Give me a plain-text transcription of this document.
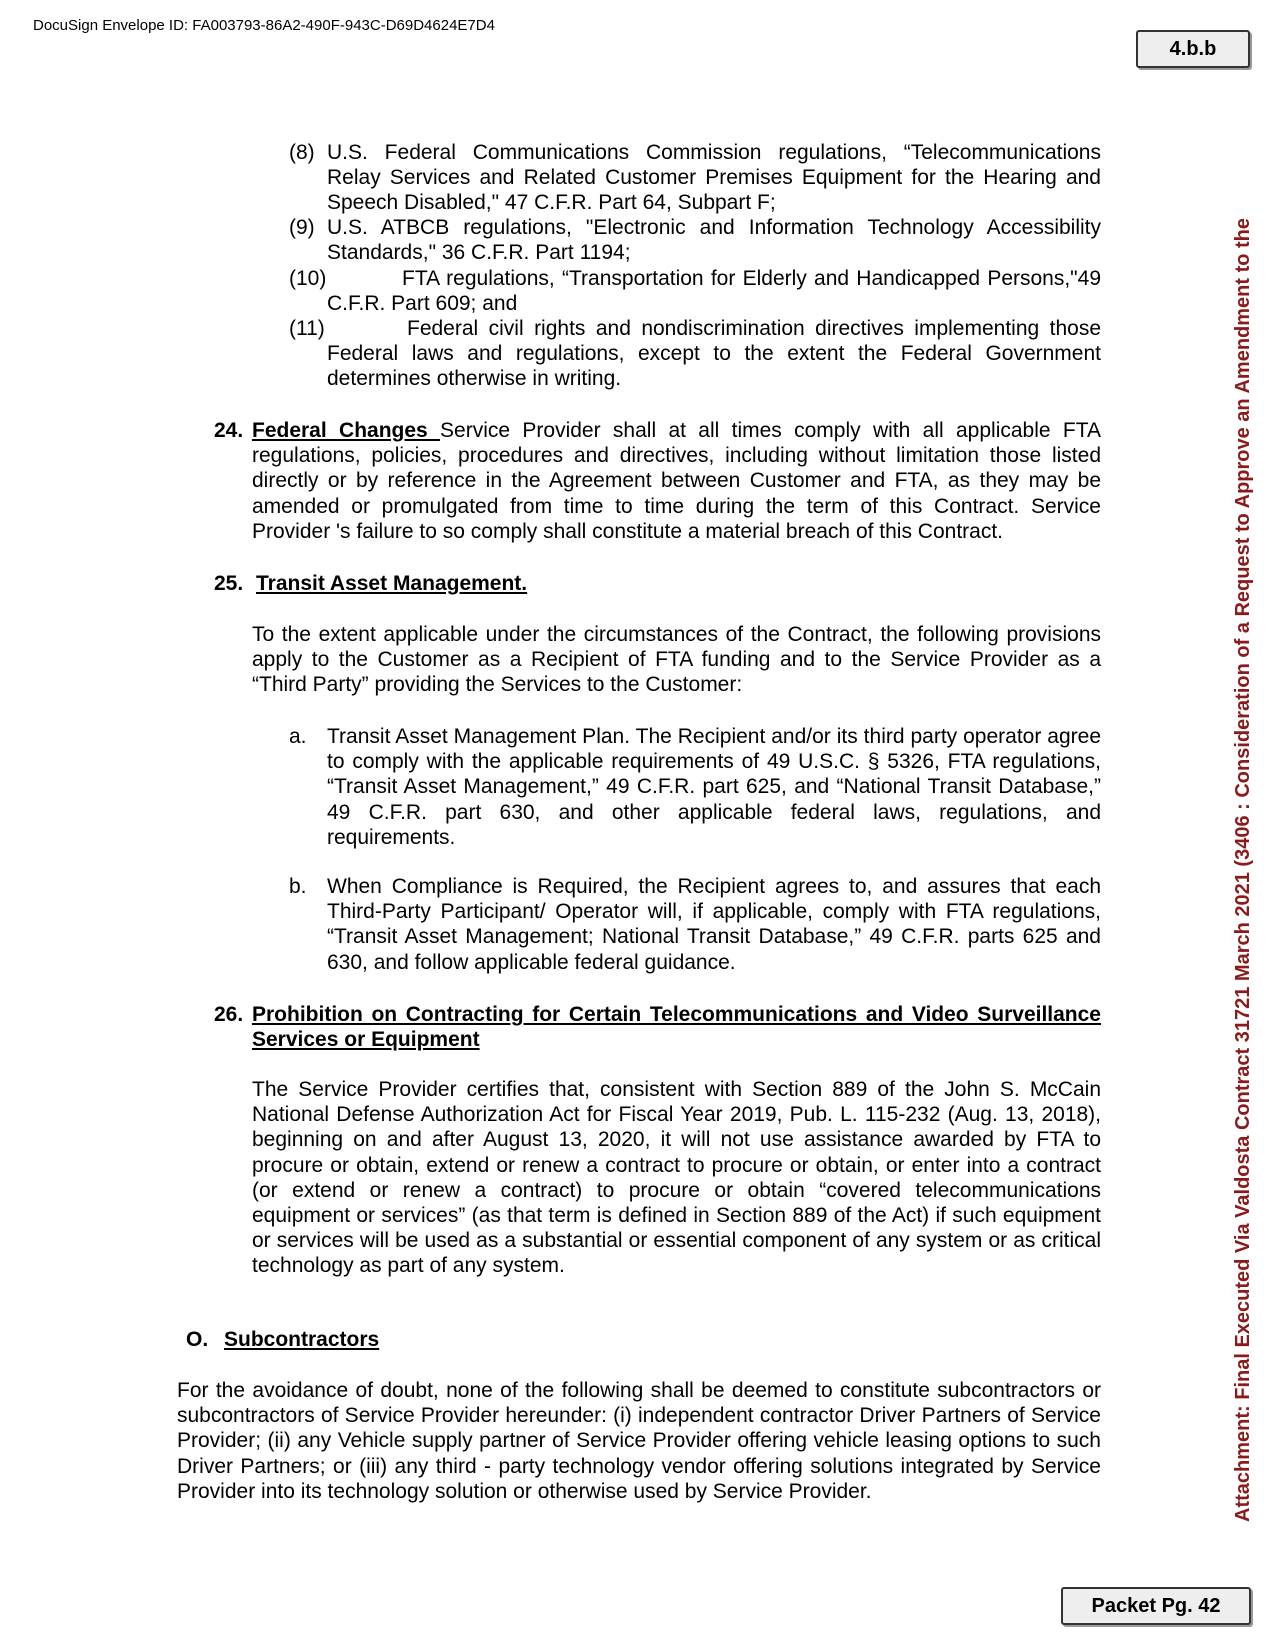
DocuSign Envelope ID: FA003793-86A2-490F-943C-D69D4624E7D4
4.b.b
Attachment: Final Executed Via Valdosta Contract 31721 March 2021 (3406 : Consideration of a Request to Approve an Amendment to the
(8) U.S. Federal Communications Commission regulations, “Telecommunications Relay Services and Related Customer Premises Equipment for the Hearing and Speech Disabled," 47 C.F.R. Part 64, Subpart F;
(9) U.S. ATBCB regulations, "Electronic and Information Technology Accessibility Standards," 36 C.F.R. Part 1194;
(10)	FTA regulations, “Transportation for Elderly and Handicapped Persons,"49 C.F.R. Part 609; and
(11)	Federal civil rights and nondiscrimination directives implementing those Federal laws and regulations, except to the extent the Federal Government determines otherwise in writing.
24. Federal Changes Service Provider shall at all times comply with all applicable FTA regulations, policies, procedures and directives, including without limitation those listed directly or by reference in the Agreement between Customer and FTA, as they may be amended or promulgated from time to time during the term of this Contract. Service Provider 's failure to so comply shall constitute a material breach of this Contract.
25. Transit Asset Management.
To the extent applicable under the circumstances of the Contract, the following provisions apply to the Customer as a Recipient of FTA funding and to the Service Provider as a “Third Party” providing the Services to the Customer:
a. Transit Asset Management Plan. The Recipient and/or its third party operator agree to comply with the applicable requirements of 49 U.S.C. § 5326, FTA regulations, “Transit Asset Management,” 49 C.F.R. part 625, and “National Transit Database,” 49 C.F.R. part 630, and other applicable federal laws, regulations, and requirements.
b. When Compliance is Required, the Recipient agrees to, and assures that each Third-Party Participant/ Operator will, if applicable, comply with FTA regulations, “Transit Asset Management; National Transit Database,” 49 C.F.R. parts 625 and 630, and follow applicable federal guidance.
26. Prohibition on Contracting for Certain Telecommunications and Video Surveillance Services or Equipment
The Service Provider certifies that, consistent with Section 889 of the John S. McCain National Defense Authorization Act for Fiscal Year 2019, Pub. L. 115-232 (Aug. 13, 2018), beginning on and after August 13, 2020, it will not use assistance awarded by FTA to procure or obtain, extend or renew a contract to procure or obtain, or enter into a contract (or extend or renew a contract) to procure or obtain “covered telecommunications equipment or services” (as that term is defined in Section 889 of the Act) if such equipment or services will be used as a substantial or essential component of any system or as critical technology as part of any system.
O. Subcontractors
For the avoidance of doubt, none of the following shall be deemed to constitute subcontractors or subcontractors of Service Provider hereunder: (i) independent contractor Driver Partners of Service Provider; (ii) any Vehicle supply partner of Service Provider offering vehicle leasing options to such Driver Partners; or (iii) any third - party technology vendor offering solutions integrated by Service Provider into its technology solution or otherwise used by Service Provider.
Packet Pg. 42
